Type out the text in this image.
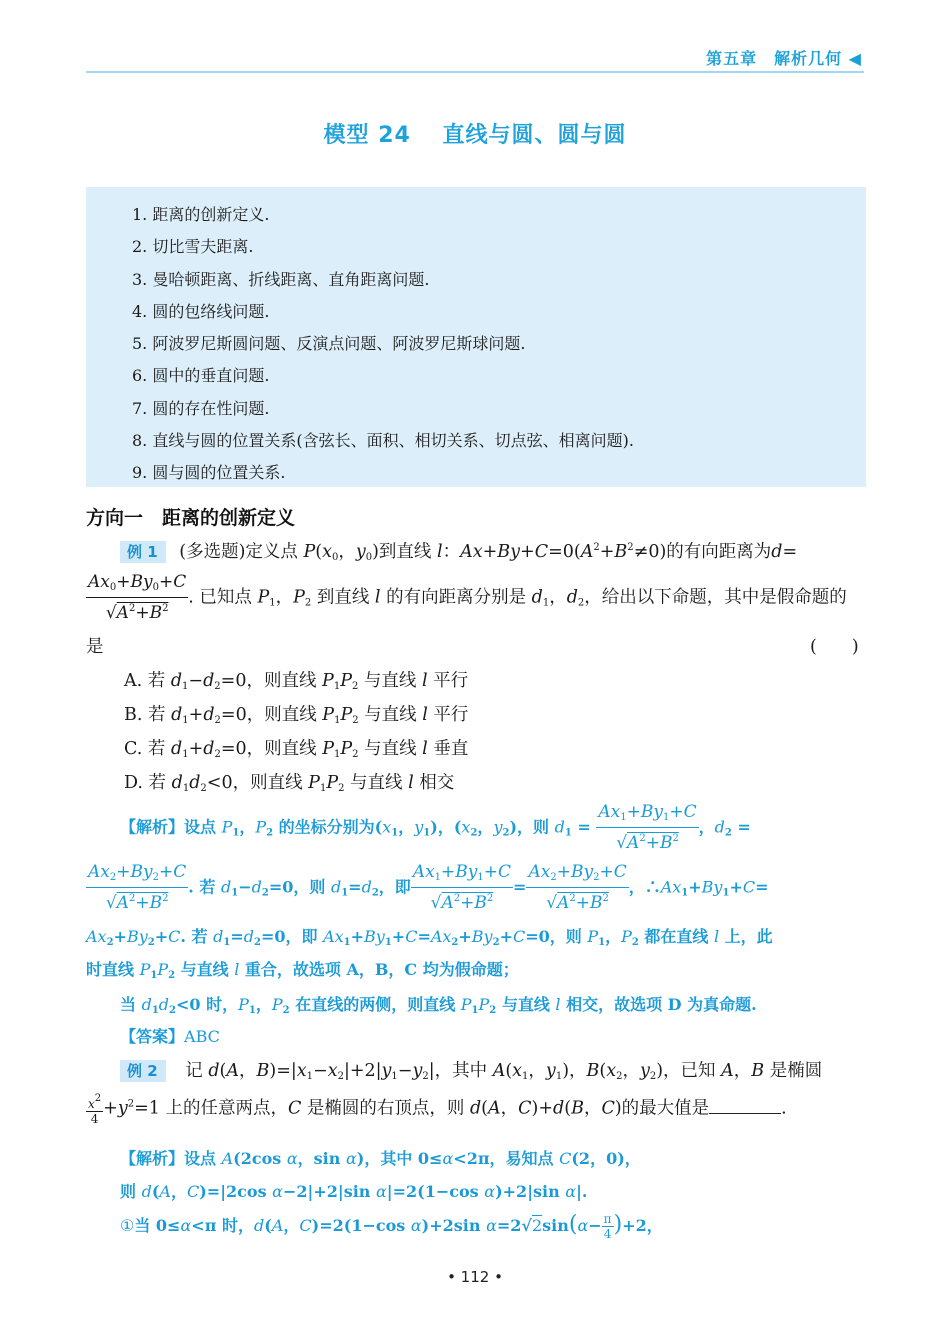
第五章　解析几何 ◀
模型 24　 直线与圆、圆与圆
1. 距离的创新定义.
2. 切比雪夫距离.
3. 曼哈顿距离、折线距离、直角距离问题.
4. 圆的包络线问题.
5. 阿波罗尼斯圆问题、反演点问题、阿波罗尼斯球问题.
6. 圆中的垂直问题.
7. 圆的存在性问题.
8. 直线与圆的位置关系(含弦长、面积、相切关系、切点弦、相离问题).
9. 圆与圆的位置关系.
方向一　距离的创新定义
例 1 (多选题)定义点 $P(x_0$，$y_0$)到直线 l：$Ax+By+C=0(A^2+B^2\ne 0)$的有向距离为d=
$\frac{Ax_0+By_0+C}{√A^2+B^2}$ . 已知点 $P_1$，$P_2$ 到直线 l 的有向距离分别是 $d_1$，$d_2$，给出以下命题，其中是假命题的
是	(　　)
A. 若 $d_1-d_2=0$，则直线 $P_1P_2$ 与直线 l 平行
B. 若 $d_1+d_2=0$，则直线 $P_1P_2$ 与直线 l 平行
C. 若 $d_1+d_2=0$，则直线 $P_1P_2$ 与直线 l 垂直
D. 若 $d_1d_2<0$，则直线 $P_1P_2$ 与直线 l 相交
【解析】设点 $P_1$，$P_2$ 的坐标分别为($x_1$，$y_1$)，($x_2$，$y_2$)，则 $d_1 = \frac{Ax_1+By_1+C}{√A^2+B^2}$ ，$d_2$ =
$\frac{Ax_2+By_2+C}{√A^2+B^2}$ . 若 $d_1-d_2=0$，则 $d_1=d_2$，即 $\frac{Ax_1+By_1+C}{√A^2+B^2} = \frac{Ax_2+By_2+C}{√A^2+B^2}$ ，$\therefore Ax_1+By_1+C=$
$Ax_2+By_2+C$. 若 $d_1=d_2=0$，即 $Ax_1+By_1+C=Ax_2+By_2+C=0$，则 $P_1$，$P_2$ 都在直线 l 上，此
时直线 $P_1P_2$ 与直线 l 重合，故选项 A，B，C 均为假命题；
当 $d_1d_2<0$ 时，$P_1$，$P_2$ 在直线的两侧，则直线 $P_1P_2$ 与直线 l 相交，故选项 D 为真命题.
【答案】ABC
例 2 记 d(A，$B)=|x_1-x_2|+2|y_1-y_2|$，其中 $A(x_1$，$y_1$)，$B(x_2$，$y_2$)，已知 A，B 是椭圆
$\frac{x^2}{4} +y^2=1$ 上的任意两点，C 是椭圆的右顶点，则 d(A，C)+d(B，C)的最大值是	.
【解析】设点 A(2cos α，sin α)，其中 0≤α<2π，易知点 C(2，0)，
则 d(A，C)=|2cos α−2|+2|sin α|=2(1−cos α)+2|sin α|.
①当 0≤α<π 时，d(A，C)=2(1−cos α)+2sin $\alpha=2√2\sin(\alpha- \frac{\pi}{4} )+2$，
• 112 •
